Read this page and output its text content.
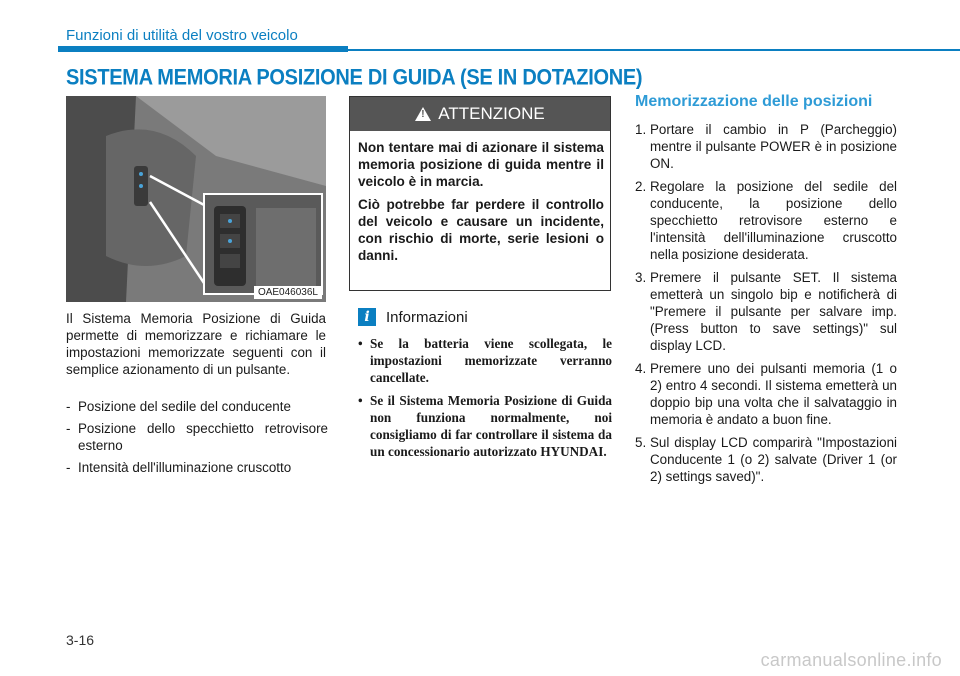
Funzioni di utilità del vostro veicolo
SISTEMA MEMORIA POSIZIONE DI GUIDA (SE IN DOTAZIONE)
OAE046036L

Il Sistema Memoria Posizione di Guida permette di memorizzare e richiamare le impostazioni memorizzate seguenti con il semplice azionamento di un pulsante.

- Posizione del sedile del conducente
- Posizione dello specchietto retrovisore esterno
- Intensità dell'illuminazione cruscotto
!
ATTENZIONE

Non tentare mai di azionare il sistema memoria posizione di guida mentre il veicolo è in marcia.

Ciò potrebbe far perdere il controllo del veicolo e causare un incidente, con rischio di morte, serie lesioni o danni.

i	Informazioni
• Se la batteria viene scollegata, le impostazioni memorizzate verranno cancellate.
• Se il Sistema Memoria Posizione di Guida non funziona normalmente, noi consigliamo di far controllare il sistema da un concessionario autorizzato HYUNDAI.
Memorizzazione delle posizioni
1. Portare il cambio in P (Parcheggio) mentre il pulsante POWER è in posizione ON.
2. Regolare la posizione del sedile del conducente, la posizione dello specchietto retrovisore esterno e l'intensità dell'illuminazione cruscotto nella posizione desiderata.
3. Premere il pulsante SET. Il sistema emetterà un singolo bip e notificherà di "Premere il pulsante per salvare imp. (Press button to save settings)" sul display LCD.
4. Premere uno dei pulsanti memoria (1 o 2) entro 4 secondi. Il sistema emetterà un doppio bip una volta che il salvataggio in memoria è andato a buon fine.
5. Sul display LCD comparirà "Impostazioni Conducente 1 (o 2) salvate (Driver 1 (or 2) settings saved)".
3-16
carmanualsonline.info
